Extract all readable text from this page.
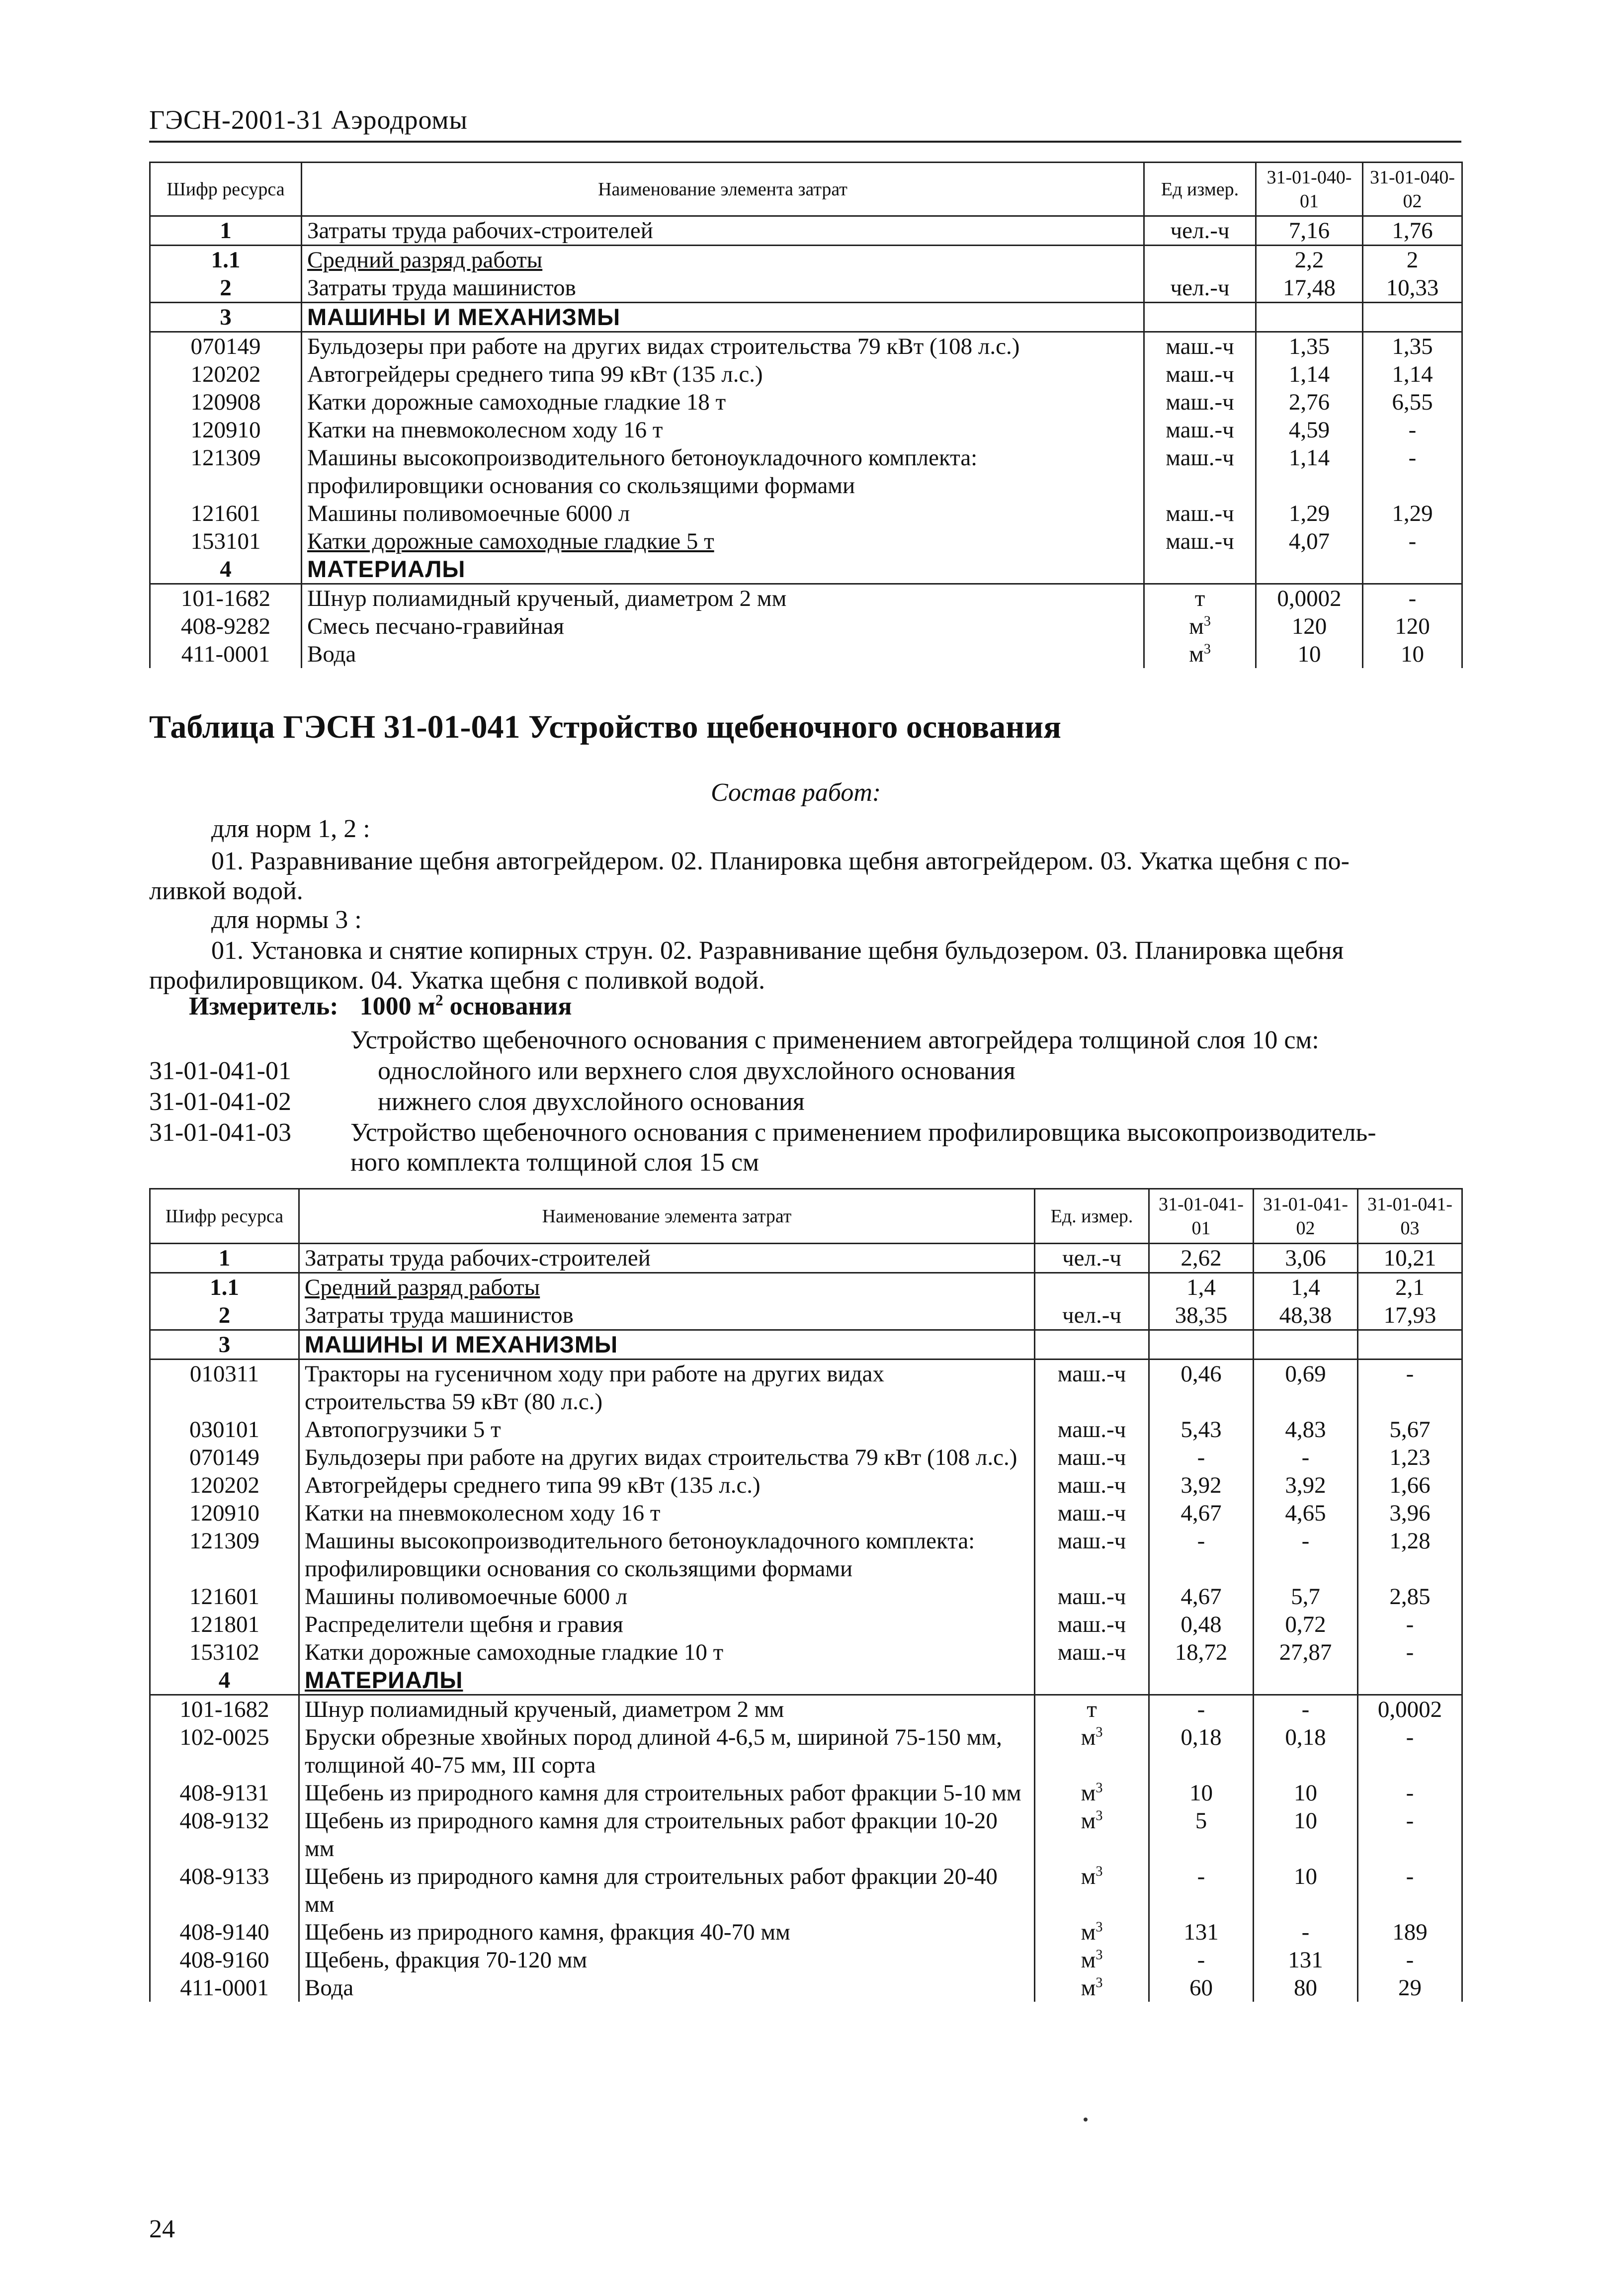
ГЭСН-2001-31 Аэродромы
Шифр ресурса	Наименование элемента затрат	Ед измер.	31-01-040-01	31-01-040-02
1	Затраты труда рабочих-строителей	чел.-ч	7,16	1,76
1.1	Средний разряд работы		2,2	2
2	Затраты труда машинистов	чел.-ч	17,48	10,33
3	МАШИНЫ И МЕХАНИЗМЫ			
070149	Бульдозеры при работе на других видах строительства 79 кВт (108 л.с.)	маш.-ч	1,35	1,35
120202	Автогрейдеры среднего типа 99 кВт (135 л.с.)	маш.-ч	1,14	1,14
120908	Катки дорожные самоходные гладкие 18 т	маш.-ч	2,76	6,55
120910	Катки на пневмоколесном ходу 16 т	маш.-ч	4,59	-
121309	Машины высокопроизводительного бетоноукладочного комплекта: профилировщики основания со скользящими формами	маш.-ч	1,14	-
121601	Машины поливомоечные 6000 л	маш.-ч	1,29	1,29
153101	Катки дорожные самоходные гладкие 5 т	маш.-ч	4,07	-
4	МАТЕРИАЛЫ			
101-1682	Шнур полиамидный крученый, диаметром 2 мм	т	0,0002	-
408-9282	Смесь песчано-гравийная	$м^3$	120	120
411-0001	Вода	$м^3$	10	10
Таблица ГЭСН 31-01-041 Устройство щебеночного основания
Состав работ:
для норм 1, 2 :
01. Разравнивание щебня автогрейдером. 02. Планировка щебня автогрейдером. 03. Укатка щебня с по-
ливкой водой.
для нормы 3 :
01. Установка и снятие копирных струн. 02. Разравнивание щебня бульдозером. 03. Планировка щебня
профилировщиком. 04. Укатка щебня с поливкой водой.
Измеритель: 1000 $м^2$ основания
Устройство щебеночного основания с применением автогрейдера толщиной слоя 10 см:
31-01-041-01	однослойного или верхнего слоя двухслойного основания
31-01-041-02	нижнего слоя двухслойного основания
31-01-041-03 Устройство щебеночного основания с применением профилировщика высокопроизводитель-
ного комплекта толщиной слоя 15 см
Шифр ресурса	Наименование элемента затрат	Ед. измер.	31-01-041-01	31-01-041-02	31-01-041-03
1	Затраты труда рабочих-строителей	чел.-ч	2,62	3,06	10,21
1.1	Средний разряд работы		1,4	1,4	2,1
2	Затраты труда машинистов	чел.-ч	38,35	48,38	17,93
3	МАШИНЫ И МЕХАНИЗМЫ				
010311	Тракторы на гусеничном ходу при работе на других видах строительства 59 кВт (80 л.с.)	маш.-ч	0,46	0,69	-
030101	Автопогрузчики 5 т	маш.-ч	5,43	4,83	5,67
070149	Бульдозеры при работе на других видах строительства 79 кВт (108 л.с.)	маш.-ч	-	-	1,23
120202	Автогрейдеры среднего типа 99 кВт (135 л.с.)	маш.-ч	3,92	3,92	1,66
120910	Катки на пневмоколесном ходу 16 т	маш.-ч	4,67	4,65	3,96
121309	Машины высокопроизводительного бетоноукладочного комплекта: профилировщики основания со скользящими формами	маш.-ч	-	-	1,28
121601	Машины поливомоечные 6000 л	маш.-ч	4,67	5,7	2,85
121801	Распределители щебня и гравия	маш.-ч	0,48	0,72	-
153102	Катки дорожные самоходные гладкие 10 т	маш.-ч	18,72	27,87	-
4	МАТЕРИАЛЫ				
101-1682	Шнур полиамидный крученый, диаметром 2 мм	т	-	-	0,0002
102-0025	Бруски обрезные хвойных пород длиной 4-6,5 м, шириной 75-150 мм, толщиной 40-75 мм, III сорта	$м^3$	0,18	0,18	-
408-9131	Щебень из природного камня для строительных работ фракции 5-10 мм	$м^3$	10	10	-
408-9132	Щебень из природного камня для строительных работ фракции 10-20 мм	$м^3$	5	10	-
408-9133	Щебень из природного камня для строительных работ фракции 20-40 мм	$м^3$	-	10	-
408-9140	Щебень из природного камня, фракция 40-70 мм	$м^3$	131	-	189
408-9160	Щебень, фракция 70-120 мм	$м^3$	-	131	-
411-0001	Вода	$м^3$	60	80	29
24
